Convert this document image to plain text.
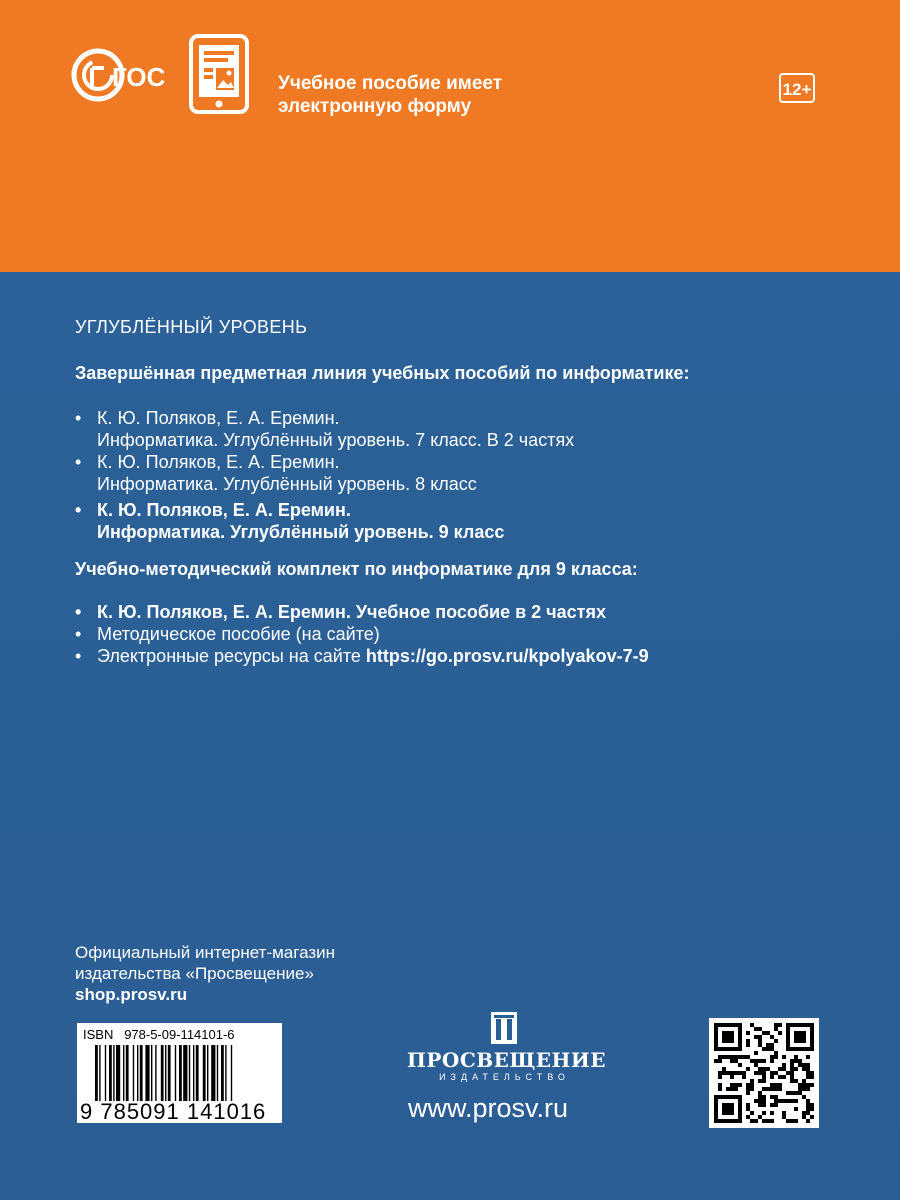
ГОС	Учебное пособие имеет
электронную форму
12+
УГЛУБЛЁННЫЙ УРОВЕНЬ
Завершённая предметная линия учебных пособий по информатике:
• К. Ю. Поляков, Е. А. Еремин.
Информатика. Углублённый уровень. 7 класс. В 2 частях
• К. Ю. Поляков, Е. А. Еремин.
Информатика. Углублённый уровень. 8 класс
• К. Ю. Поляков, Е. А. Еремин.
Информатика. Углублённый уровень. 9 класс
Учебно-методический комплект по информатике для 9 класса:
• К. Ю. Поляков, Е. А. Еремин. Учебное пособие в 2 частях
• Методическое пособие (на сайте)
• Электронные ресурсы на сайте https://go.prosv.ru/kpolyakov-7-9
Официальный интернет-магазин
издательства «Просвещение»
shop.prosv.ru
ISBN 978-5-09-114101-6
9 785091 141016
ПРОСВЕЩЕНИЕ
ИЗДАТЕЛЬСТВО
www.prosv.ru
